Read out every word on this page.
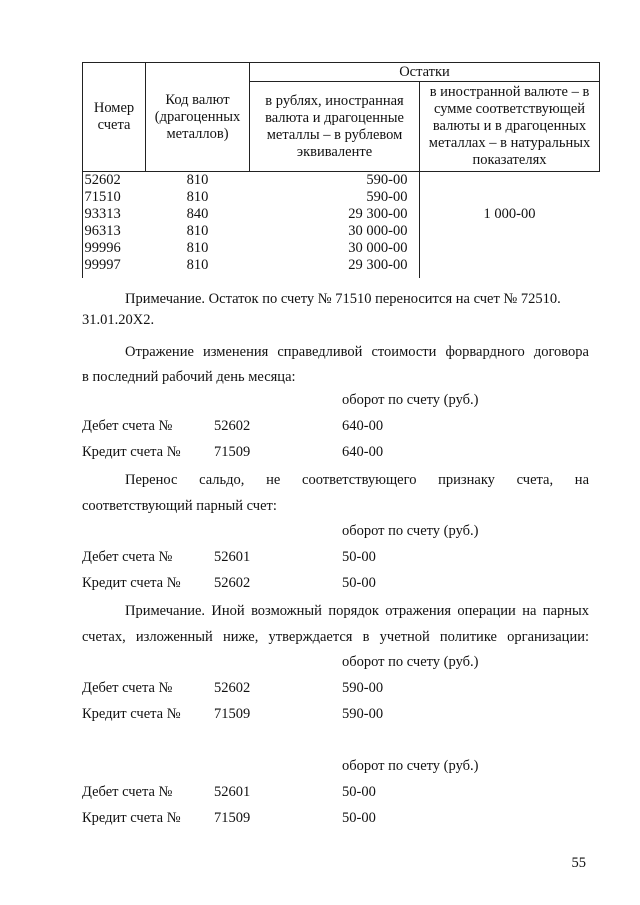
Номер счета	Код валют (драгоценных металлов)	Остатки	
		в рублях, иностранная валюта и драгоценные металлы – в рублевом эквиваленте	в иностранной валюте – в сумме соответствующей валюты и в драгоценных металлах – в натуральных показателях
52602	810	590-00	
71510	810	590-00	
93313	840	29 300-00	1 000-00
96313	810	30 000-00	
99996	810	30 000-00	
99997	810	29 300-00	
Примечание. Остаток по счету № 71510 переносится на счет № 72510.
31.01.20Х2.
Отражение изменения справедливой стоимости форвардного договора
в последний рабочий день месяца:
оборот по счету (руб.)
Дебет счета №	52602	640-00
Кредит счета № 71509	640-00
Перенос сальдо, не соответствующего признаку счета, на
соответствующий парный счет:
оборот по счету (руб.)
Дебет счета №	52601	50-00
Кредит счета № 52602	50-00
Примечание. Иной возможный порядок отражения операции на парных
счетах, изложенный ниже, утверждается в учетной политике организации:
оборот по счету (руб.)
Дебет счета №	52602	590-00
Кредит счета № 71509	590-00
оборот по счету (руб.)
Дебет счета №	52601	50-00
Кредит счета № 71509	50-00
55
